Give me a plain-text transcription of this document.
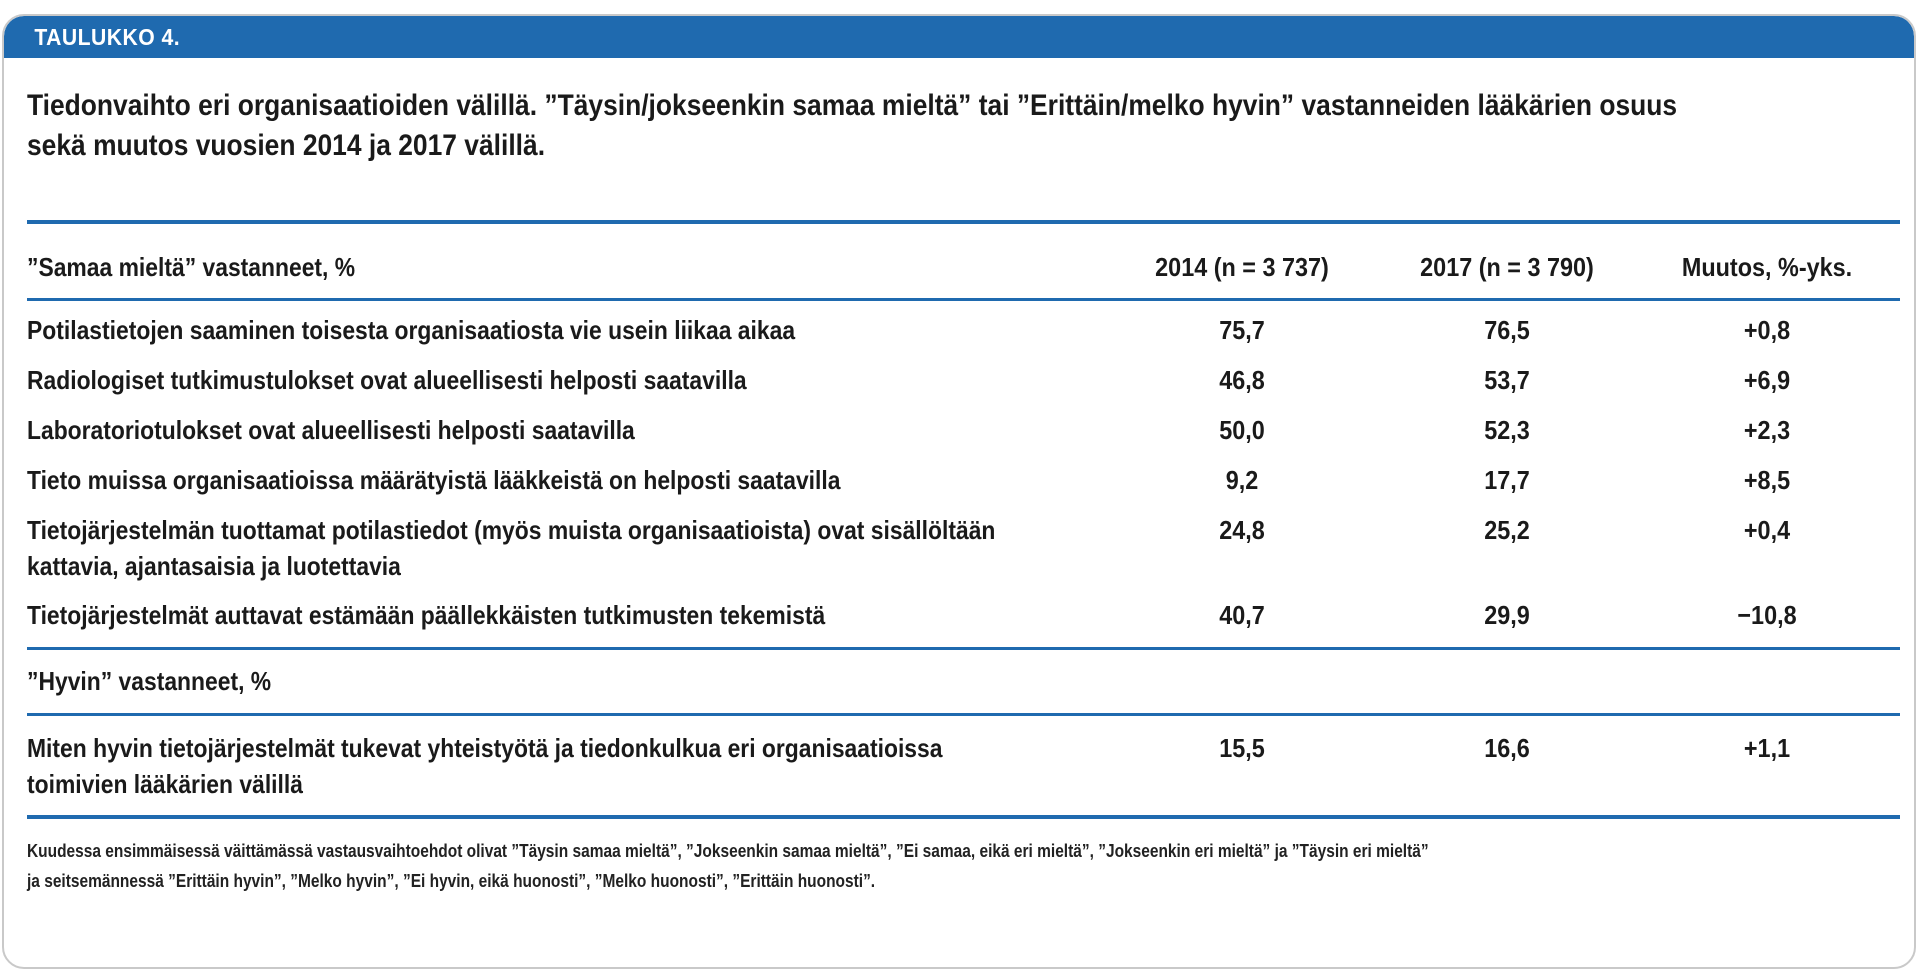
TAULUKKO 4.
Tiedonvaihto eri organisaatioiden välillä. ”Täysin/jokseenkin samaa mieltä” tai ”Erittäin/melko hyvin” vastanneiden lääkärien osuus
sekä muutos vuosien 2014 ja 2017 välillä.
”Samaa mieltä” vastanneet, %	2014 (n = 3 737)	2017 (n = 3 790)	Muutos, %-yks.
Potilastietojen saaminen toisesta organisaatiosta vie usein liikaa aikaa	75,7	76,5	+0,8
Radiologiset tutkimustulokset ovat alueellisesti helposti saatavilla	46,8	53,7	+6,9
Laboratoriotulokset ovat alueellisesti helposti saatavilla	50,0	52,3	+2,3
Tieto muissa organisaatioissa määrätyistä lääkkeistä on helposti saatavilla	9,2	17,7	+8,5
Tietojärjestelmän tuottamat potilastiedot (myös muista organisaatioista) ovat sisällöltään
kattavia, ajantasaisia ja luotettavia
24,8	25,2	+0,4
Tietojärjestelmät auttavat estämään päällekkäisten tutkimusten tekemistä	40,7	29,9	−10,8
”Hyvin” vastanneet, %
Miten hyvin tietojärjestelmät tukevat yhteistyötä ja tiedonkulkua eri organisaatioissa
toimivien lääkärien välillä
15,5	16,6	+1,1
Kuudessa ensimmäisessä väittämässä vastausvaihtoehdot olivat ”Täysin samaa mieltä”, ”Jokseenkin samaa mieltä”, ”Ei samaa, eikä eri mieltä”, ”Jokseenkin eri mieltä” ja ”Täysin eri mieltä”
ja seitsemännessä ”Erittäin hyvin”, ”Melko hyvin”, ”Ei hyvin, eikä huonosti”, ”Melko huonosti”, ”Erittäin huonosti”.
